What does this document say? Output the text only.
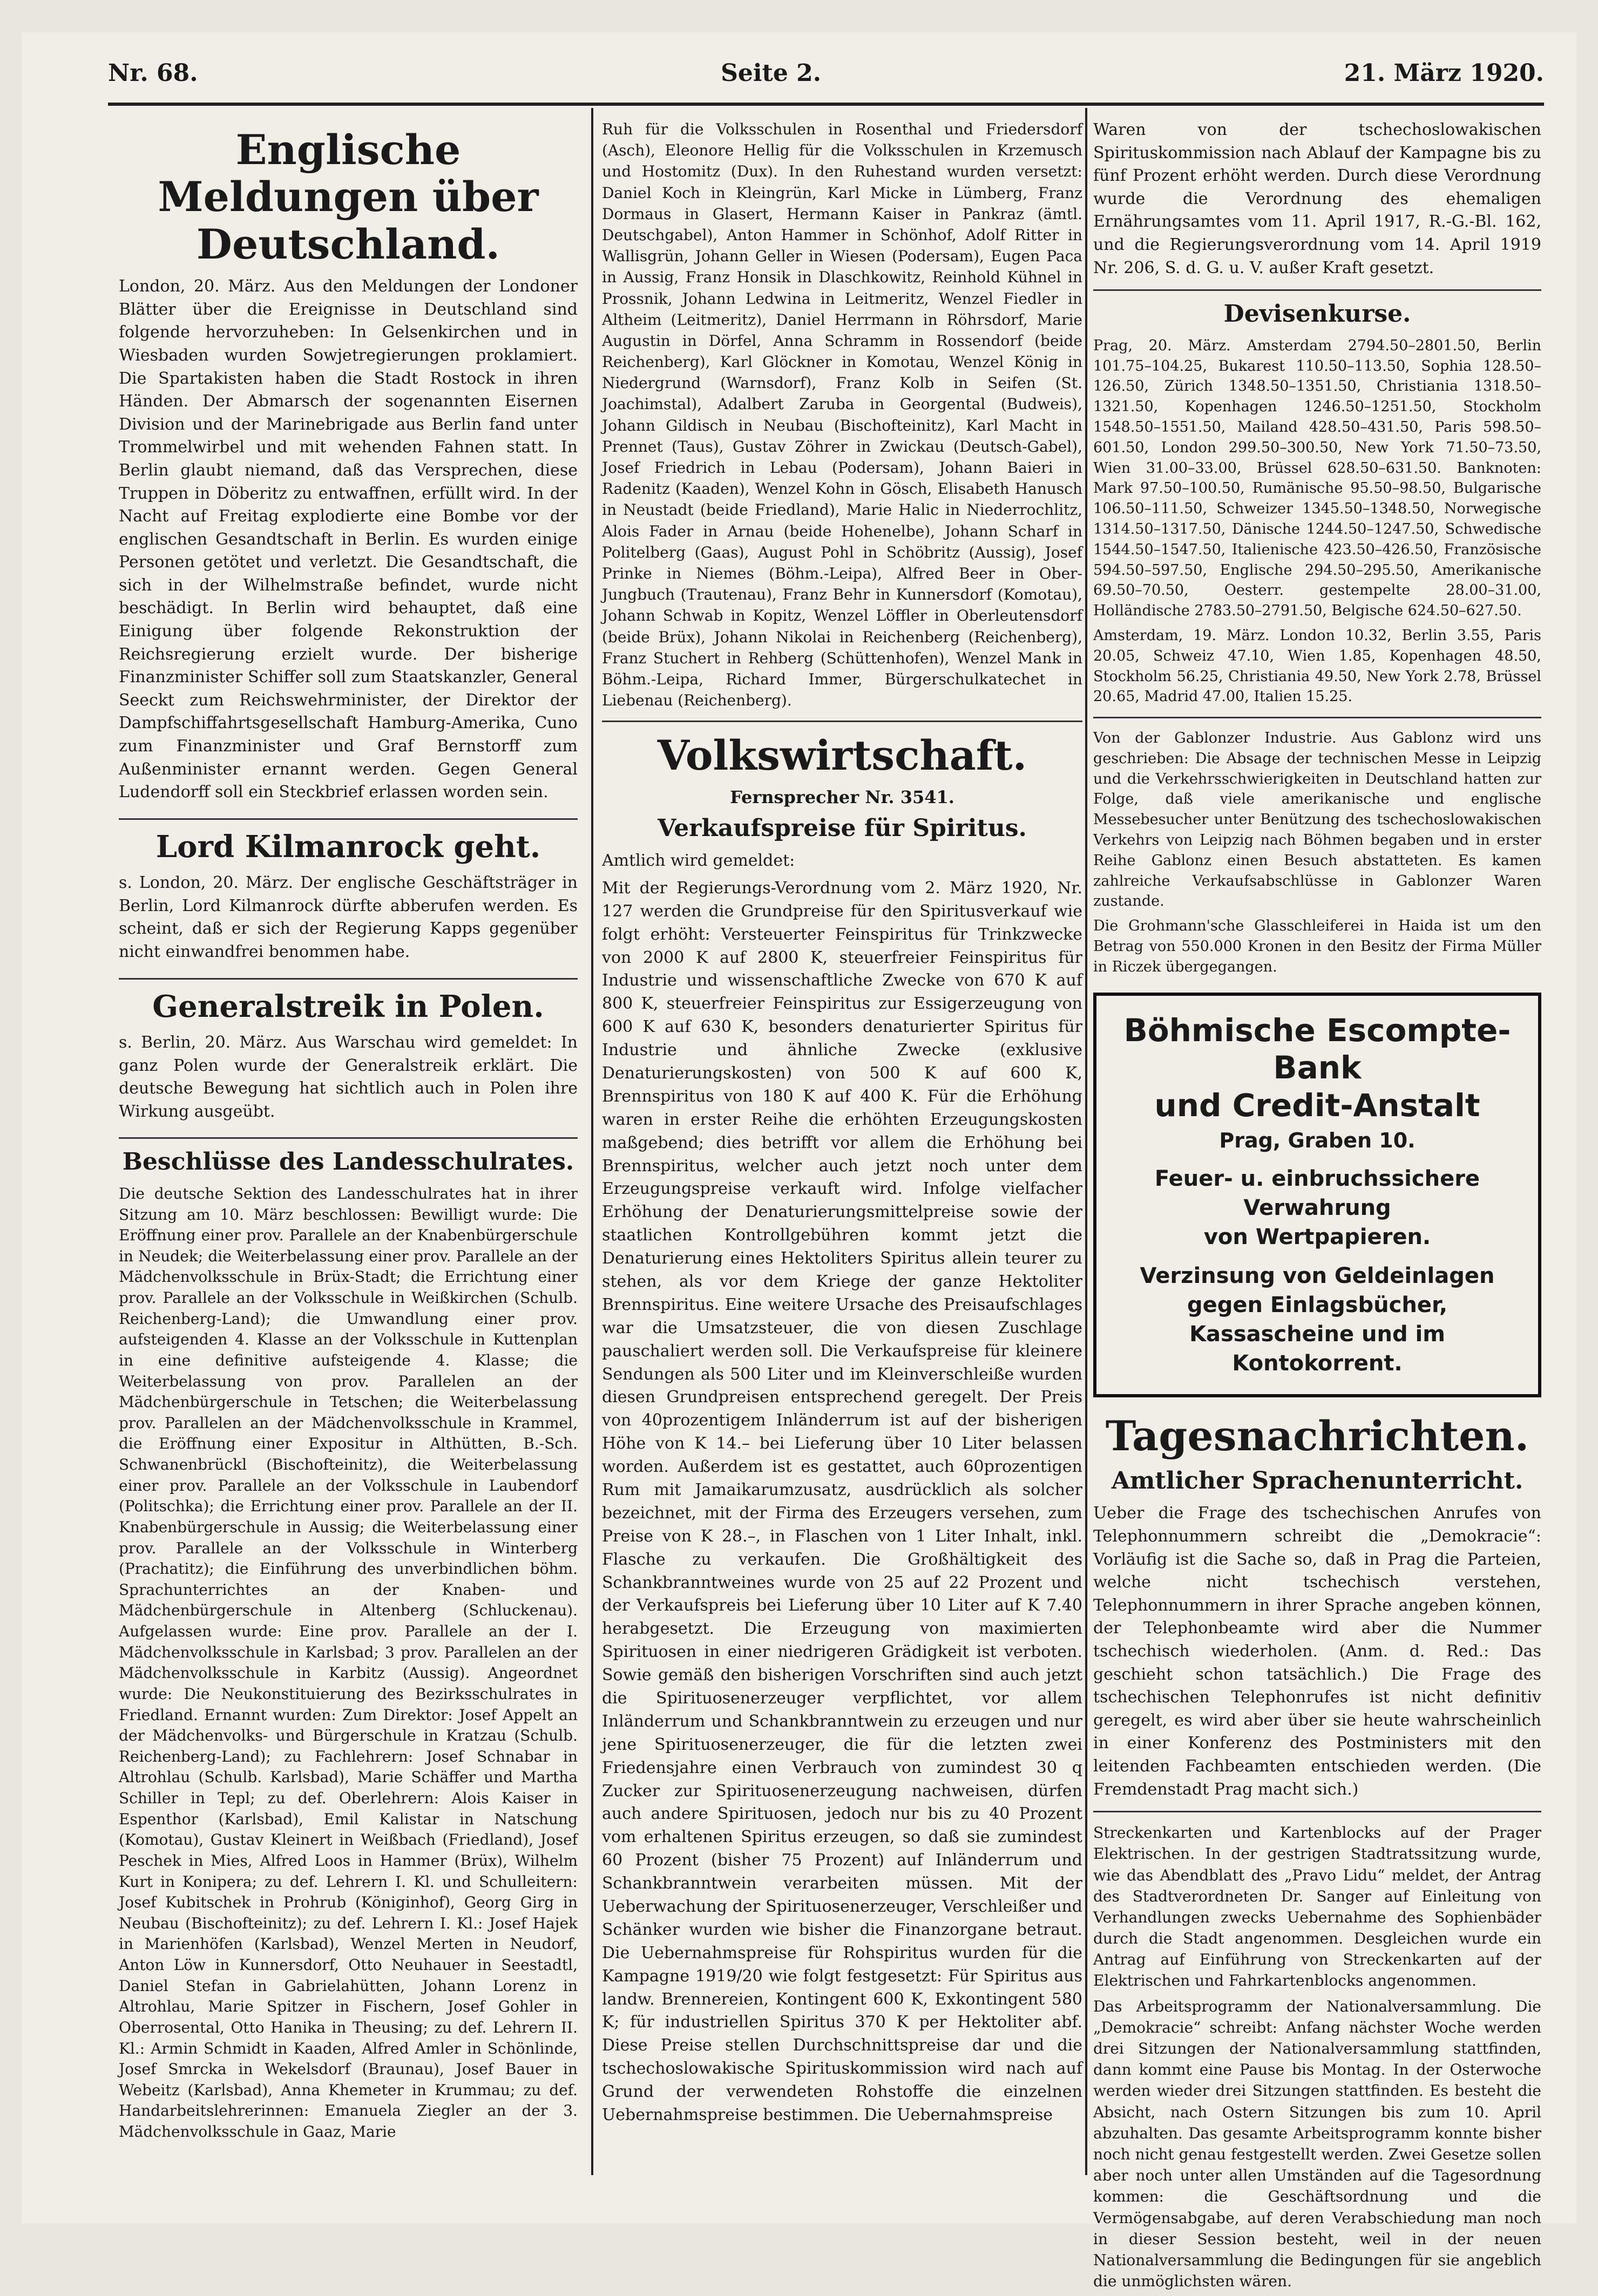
Nr. 68.	Seite 2.	21. März 1920.
Englische Meldungen über Deutschland.

London, 20. März. Aus den Meldungen der Londoner Blätter über die Ereignisse in Deutschland sind folgende hervorzuheben: In Gelsenkirchen und in Wiesbaden wurden Sowjetregierungen proklamiert. Die Spartakisten haben die Stadt Rostock in ihren Händen. Der Abmarsch der sogenannten Eisernen Division und der Marinebrigade aus Berlin fand unter Trommelwirbel und mit wehenden Fahnen statt. In Berlin glaubt niemand, daß das Versprechen, diese Truppen in Döberitz zu entwaffnen, erfüllt wird. In der Nacht auf Freitag explodierte eine Bombe vor der englischen Gesandtschaft in Berlin. Es wurden einige Personen getötet und verletzt. Die Gesandtschaft, die sich in der Wilhelmstraße befindet, wurde nicht beschädigt. In Berlin wird behauptet, daß eine Einigung über folgende Rekonstruktion der Reichsregierung erzielt wurde. Der bisherige Finanzminister Schiffer soll zum Staatskanzler, General Seeckt zum Reichswehrminister, der Direktor der Dampfschiffahrtsgesellschaft Hamburg-Amerika, Cuno zum Finanzminister und Graf Bernstorff zum Außenminister ernannt werden. Gegen General Ludendorff soll ein Steckbrief erlassen worden sein.

Lord Kilmanrock geht.

s. London, 20. März. Der englische Geschäftsträger in Berlin, Lord Kilmanrock dürfte abberufen werden. Es scheint, daß er sich der Regierung Kapps gegenüber nicht einwandfrei benommen habe.

Generalstreik in Polen.

s. Berlin, 20. März. Aus Warschau wird gemeldet: In ganz Polen wurde der Generalstreik erklärt. Die deutsche Bewegung hat sichtlich auch in Polen ihre Wirkung ausgeübt.

Beschlüsse des Landesschulrates.

Die deutsche Sektion des Landesschulrates hat in ihrer Sitzung am 10. März beschlossen: Bewilligt wurde: Die Eröffnung einer prov. Parallele an der Knabenbürgerschule in Neudek; die Weiterbelassung einer prov. Parallele an der Mädchenvolksschule in Brüx-Stadt; die Errichtung einer prov. Parallele an der Volksschule in Weißkirchen (Schulb. Reichenberg-Land); die Umwandlung einer prov. aufsteigenden 4. Klasse an der Volksschule in Kuttenplan in eine definitive aufsteigende 4. Klasse; die Weiterbelassung von prov. Parallelen an der Mädchenbürgerschule in Tetschen; die Weiterbelassung prov. Parallelen an der Mädchenvolksschule in Krammel, die Eröffnung einer Expositur in Althütten, B.-Sch. Schwanenbrückl (Bischofteinitz), die Weiterbelassung einer prov. Parallele an der Volksschule in Laubendorf (Politschka); die Errichtung einer prov. Parallele an der II. Knabenbürgerschule in Aussig; die Weiterbelassung einer prov. Parallele an der Volksschule in Winterberg (Prachatitz); die Einführung des unverbindlichen böhm. Sprachunterrichtes an der Knaben- und Mädchenbürgerschule in Altenberg (Schluckenau). Aufgelassen wurde: Eine prov. Parallele an der I. Mädchenvolksschule in Karlsbad; 3 prov. Parallelen an der Mädchenvolksschule in Karbitz (Aussig). Angeordnet wurde: Die Neukonstituierung des Bezirksschulrates in Friedland. Ernannt wurden: Zum Direktor: Josef Appelt an der Mädchenvolks- und Bürgerschule in Kratzau (Schulb. Reichenberg-Land); zu Fachlehrern: Josef Schnabar in Altrohlau (Schulb. Karlsbad), Marie Schäffer und Martha Schiller in Tepl; zu def. Oberlehrern: Alois Kaiser in Espenthor (Karlsbad), Emil Kalistar in Natschung (Komotau), Gustav Kleinert in Weißbach (Friedland), Josef Peschek in Mies, Alfred Loos in Hammer (Brüx), Wilhelm Kurt in Konipera; zu def. Lehrern I. Kl. und Schulleitern: Josef Kubitschek in Prohrub (Königinhof), Georg Girg in Neubau (Bischofteinitz); zu def. Lehrern I. Kl.: Josef Hajek in Marienhöfen (Karlsbad), Wenzel Merten in Neudorf, Anton Löw in Kunnersdorf, Otto Neuhauer in Seestadtl, Daniel Stefan in Gabrielahütten, Johann Lorenz in Altrohlau, Marie Spitzer in Fischern, Josef Gohler in Oberrosental, Otto Hanika in Theusing; zu def. Lehrern II. Kl.: Armin Schmidt in Kaaden, Alfred Amler in Schönlinde, Josef Smrcka in Wekelsdorf (Braunau), Josef Bauer in Webeitz (Karlsbad), Anna Khemeter in Krummau; zu def. Handarbeitslehrerinnen: Emanuela Ziegler an der 3. Mädchenvolksschule in Gaaz, Marie

Ruh für die Volksschulen in Rosenthal und Friedersdorf (Asch), Eleonore Hellig für die Volksschulen in Krzemusch und Hostomitz (Dux). In den Ruhestand wurden versetzt: Daniel Koch in Kleingrün, Karl Micke in Lümberg, Franz Dormaus in Glasert, Hermann Kaiser in Pankraz (ämtl. Deutschgabel), Anton Hammer in Schönhof, Adolf Ritter in Wallisgrün, Johann Geller in Wiesen (Podersam), Eugen Paca in Aussig, Franz Honsik in Dlaschkowitz, Reinhold Kühnel in Prossnik, Johann Ledwina in Leitmeritz, Wenzel Fiedler in Altheim (Leitmeritz), Daniel Herrmann in Röhrsdorf, Marie Augustin in Dörfel, Anna Schramm in Rossendorf (beide Reichenberg), Karl Glöckner in Komotau, Wenzel König in Niedergrund (Warnsdorf), Franz Kolb in Seifen (St. Joachimstal), Adalbert Zaruba in Georgental (Budweis), Johann Gildisch in Neubau (Bischofteinitz), Karl Macht in Prennet (Taus), Gustav Zöhrer in Zwickau (Deutsch-Gabel), Josef Friedrich in Lebau (Podersam), Johann Baieri in Radenitz (Kaaden), Wenzel Kohn in Gösch, Elisabeth Hanusch in Neustadt (beide Friedland), Marie Halic in Niederrochlitz, Alois Fader in Arnau (beide Hohenelbe), Johann Scharf in Politelberg (Gaas), August Pohl in Schöbritz (Aussig), Josef Prinke in Niemes (Böhm.-Leipa), Alfred Beer in Ober-Jungbuch (Trautenau), Franz Behr in Kunnersdorf (Komotau), Johann Schwab in Kopitz, Wenzel Löffler in Oberleutensdorf (beide Brüx), Johann Nikolai in Reichenberg (Reichenberg), Franz Stuchert in Rehberg (Schüttenhofen), Wenzel Mank in Böhm.-Leipa, Richard Immer, Bürgerschulkatechet in Liebenau (Reichenberg).

Volkswirtschaft.
Fernsprecher Nr. 3541.
Verkaufspreise für Spiritus.

Amtlich wird gemeldet:

Mit der Regierungs-Verordnung vom 2. März 1920, Nr. 127 werden die Grundpreise für den Spiritusverkauf wie folgt erhöht: Versteuerter Feinspiritus für Trinkzwecke von 2000 K auf 2800 K, steuerfreier Feinspiritus für Industrie und wissenschaftliche Zwecke von 670 K auf 800 K, steuerfreier Feinspiritus zur Essigerzeugung von 600 K auf 630 K, besonders denaturierter Spiritus für Industrie und ähnliche Zwecke (exklusive Denaturierungskosten) von 500 K auf 600 K, Brennspiritus von 180 K auf 400 K. Für die Erhöhung waren in erster Reihe die erhöhten Erzeugungskosten maßgebend; dies betrifft vor allem die Erhöhung bei Brennspiritus, welcher auch jetzt noch unter dem Erzeugungspreise verkauft wird. Infolge vielfacher Erhöhung der Denaturierungsmittelpreise sowie der staatlichen Kontrollgebühren kommt jetzt die Denaturierung eines Hektoliters Spiritus allein teurer zu stehen, als vor dem Kriege der ganze Hektoliter Brennspiritus. Eine weitere Ursache des Preisaufschlages war die Umsatzsteuer, die von diesen Zuschlage pauschaliert werden soll. Die Verkaufspreise für kleinere Sendungen als 500 Liter und im Kleinverschleiße wurden diesen Grundpreisen entsprechend geregelt. Der Preis von 40prozentigem Inländerrum ist auf der bisherigen Höhe von K 14.– bei Lieferung über 10 Liter belassen worden. Außerdem ist es gestattet, auch 60prozentigen Rum mit Jamaikarumzusatz, ausdrücklich als solcher bezeichnet, mit der Firma des Erzeugers versehen, zum Preise von K 28.–, in Flaschen von 1 Liter Inhalt, inkl. Flasche zu verkaufen. Die Großhältigkeit des Schankbranntweines wurde von 25 auf 22 Prozent und der Verkaufspreis bei Lieferung über 10 Liter auf K 7.40 herabgesetzt. Die Erzeugung von maximierten Spirituosen in einer niedrigeren Grädigkeit ist verboten. Sowie gemäß den bisherigen Vorschriften sind auch jetzt die Spirituosenerzeuger verpflichtet, vor allem Inländerrum und Schankbranntwein zu erzeugen und nur jene Spirituosenerzeuger, die für die letzten zwei Friedensjahre einen Verbrauch von zumindest 30 q Zucker zur Spirituosenerzeugung nachweisen, dürfen auch andere Spirituosen, jedoch nur bis zu 40 Prozent vom erhaltenen Spiritus erzeugen, so daß sie zumindest 60 Prozent (bisher 75 Prozent) auf Inländerrum und Schankbranntwein verarbeiten müssen. Mit der Ueberwachung der Spirituosenerzeuger, Verschleißer und Schänker wurden wie bisher die Finanzorgane betraut. Die Uebernahmspreise für Rohspiritus wurden für die Kampagne 1919/20 wie folgt festgesetzt: Für Spiritus aus landw. Brennereien, Kontingent 600 K, Exkontingent 580 K; für industriellen Spiritus 370 K per Hektoliter abf. Diese Preise stellen Durchschnittspreise dar und die tschechoslowakische Spirituskommission wird nach auf Grund der verwendeten Rohstoffe die einzelnen Uebernahmspreise bestimmen. Die Uebernahmspreise

Waren von der tschechoslowakischen Spirituskommission nach Ablauf der Kampagne bis zu fünf Prozent erhöht werden. Durch diese Verordnung wurde die Verordnung des ehemaligen Ernährungsamtes vom 11. April 1917, R.-G.-Bl. 162, und die Regierungsverordnung vom 14. April 1919 Nr. 206, S. d. G. u. V. außer Kraft gesetzt.

Devisenkurse.

Prag, 20. März. Amsterdam 2794.50–2801.50, Berlin 101.75–104.25, Bukarest 110.50–113.50, Sophia 128.50–126.50, Zürich 1348.50–1351.50, Christiania 1318.50–1321.50, Kopenhagen 1246.50–1251.50, Stockholm 1548.50–1551.50, Mailand 428.50–431.50, Paris 598.50–601.50, London 299.50–300.50, New York 71.50–73.50, Wien 31.00–33.00, Brüssel 628.50–631.50. Banknoten: Mark 97.50–100.50, Rumänische 95.50–98.50, Bulgarische 106.50–111.50, Schweizer 1345.50–1348.50, Norwegische 1314.50–1317.50, Dänische 1244.50–1247.50, Schwedische 1544.50–1547.50, Italienische 423.50–426.50, Französische 594.50–597.50, Englische 294.50–295.50, Amerikanische 69.50–70.50, Oesterr. gestempelte 28.00–31.00, Holländische 2783.50–2791.50, Belgische 624.50–627.50.

Amsterdam, 19. März. London 10.32, Berlin 3.55, Paris 20.05, Schweiz 47.10, Wien 1.85, Kopenhagen 48.50, Stockholm 56.25, Christiania 49.50, New York 2.78, Brüssel 20.65, Madrid 47.00, Italien 15.25.

Von der Gablonzer Industrie. Aus Gablonz wird uns geschrieben: Die Absage der technischen Messe in Leipzig und die Verkehrsschwierigkeiten in Deutschland hatten zur Folge, daß viele amerikanische und englische Messebesucher unter Benützung des tschechoslowakischen Verkehrs von Leipzig nach Böhmen begaben und in erster Reihe Gablonz einen Besuch abstatteten. Es kamen zahlreiche Verkaufsabschlüsse in Gablonzer Waren zustande.

Die Grohmann'sche Glasschleiferei in Haida ist um den Betrag von 550.000 Kronen in den Besitz der Firma Müller in Riczek übergegangen.

Böhmische Escompte-Bank
und Credit-Anstalt
Prag, Graben 10.
Feuer- u. einbruchssichere Verwahrung
von Wertpapieren.
Verzinsung von Geldeinlagen gegen Einlagsbücher, Kassascheine und im
Kontokorrent.
Tagesnachrichten.
Amtlicher Sprachenunterricht.

Ueber die Frage des tschechischen Anrufes von Telephonnummern schreibt die „Demokracie“: Vorläufig ist die Sache so, daß in Prag die Parteien, welche nicht tschechisch verstehen, Telephonnummern in ihrer Sprache angeben können, der Telephonbeamte wird aber die Nummer tschechisch wiederholen. (Anm. d. Red.: Das geschieht schon tatsächlich.) Die Frage des tschechischen Telephonrufes ist nicht definitiv geregelt, es wird aber über sie heute wahrscheinlich in einer Konferenz des Postministers mit den leitenden Fachbeamten entschieden werden. (Die Fremdenstadt Prag macht sich.)

Streckenkarten und Kartenblocks auf der Prager Elektrischen. In der gestrigen Stadtratssitzung wurde, wie das Abendblatt des „Pravo Lidu“ meldet, der Antrag des Stadtverordneten Dr. Sanger auf Einleitung von Verhandlungen zwecks Uebernahme des Sophienbäder durch die Stadt angenommen. Desgleichen wurde ein Antrag auf Einführung von Streckenkarten auf der Elektrischen und Fahrkartenblocks angenommen.

Das Arbeitsprogramm der Nationalversammlung. Die „Demokracie“ schreibt: Anfang nächster Woche werden drei Sitzungen der Nationalversammlung stattfinden, dann kommt eine Pause bis Montag. In der Osterwoche werden wieder drei Sitzungen stattfinden. Es besteht die Absicht, nach Ostern Sitzungen bis zum 10. April abzuhalten. Das gesamte Arbeitsprogramm konnte bisher noch nicht genau festgestellt werden. Zwei Gesetze sollen aber noch unter allen Umständen auf die Tagesordnung kommen: die Geschäftsordnung und die Vermögensabgabe, auf deren Verabschiedung man noch in dieser Session besteht, weil in der neuen Nationalversammlung die Bedingungen für sie angeblich die unmöglichsten wären.
